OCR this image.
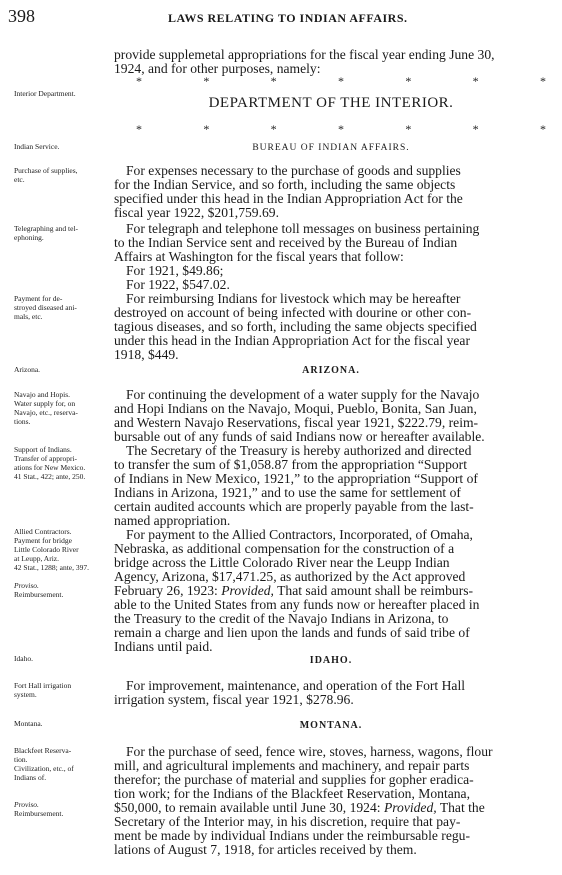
398	LAWS RELATING TO INDIAN AFFAIRS.
provide supplemetal appropriations for the fiscal year ending June 30,
1924, and for other purposes, namely:
*	*	*	*	*	*	*
Interior Department.
DEPARTMENT OF THE INTERIOR.
*	*	*	*	*	*	*
Indian Service.	BUREAU OF INDIAN AFFAIRS.
Purchase of supplies,
etc.
For expenses necessary to the purchase of goods and supplies
for the Indian Service, and so forth, including the same objects
specified under this head in the Indian Appropriation Act for the
fiscal year 1922, $201,759.69.
Telegraphing and tel-
ephoning.
For telegraph and telephone toll messages on business pertaining
to the Indian Service sent and received by the Bureau of Indian
Affairs at Washington for the fiscal years that follow:
For 1921, $49.86;
For 1922, $547.02.
Payment for de-
stroyed diseased ani-
mals, etc.
For reimbursing Indians for livestock which may be hereafter
destroyed on account of being infected with dourine or other con-
tagious diseases, and so forth, including the same objects specified
under this head in the Indian Appropriation Act for the fiscal year
1918, $449.
Arizona.	ARIZONA.
Navajo and Hopis.
Water supply for, on
Navajo, etc., reserva-
tions.
For continuing the development of a water supply for the Navajo
and Hopi Indians on the Navajo, Moqui, Pueblo, Bonita, San Juan,
and Western Navajo Reservations, fiscal year 1921, $222.79, reim-
bursable out of any funds of said Indians now or hereafter available.
Support of Indians.
Transfer of appropri-
ations for New Mexico.
41 Stat., 422; ante, 250.
The Secretary of the Treasury is hereby authorized and directed
to transfer the sum of $1,058.87 from the appropriation “Support
of Indians in New Mexico, 1921,” to the appropriation “Support of
Indians in Arizona, 1921,” and to use the same for settlement of
certain audited accounts which are properly payable from the last-
named appropriation.
Allied Contractors.
Payment for bridge
Little Colorado River
at Leupp, Ariz.
42 Stat., 1288; ante, 397.
Proviso.
Reimbursement.
For payment to the Allied Contractors, Incorporated, of Omaha,
Nebraska, as additional compensation for the construction of a
bridge across the Little Colorado River near the Leupp Indian
Agency, Arizona, $17,471.25, as authorized by the Act approved
February 26, 1923: Provided, That said amount shall be reimburs-
able to the United States from any funds now or hereafter placed in
the Treasury to the credit of the Navajo Indians in Arizona, to
remain a charge and lien upon the lands and funds of said tribe of
Indians until paid.
Idaho.	IDAHO.
Fort Hall irrigation
system.
For improvement, maintenance, and operation of the Fort Hall
irrigation system, fiscal year 1921, $278.96.
Montana.	MONTANA.
Blackfeet Reserva-
tion.
Civilization, etc., of
Indians of.
Proviso.
Reimbursement.
For the purchase of seed, fence wire, stoves, harness, wagons, flour
mill, and agricultural implements and machinery, and repair parts
therefor; the purchase of material and supplies for gopher eradica-
tion work; for the Indians of the Blackfeet Reservation, Montana,
$50,000, to remain available until June 30, 1924: Provided, That the
Secretary of the Interior may, in his discretion, require that pay-
ment be made by individual Indians under the reimbursable regu-
lations of August 7, 1918, for articles received by them.
